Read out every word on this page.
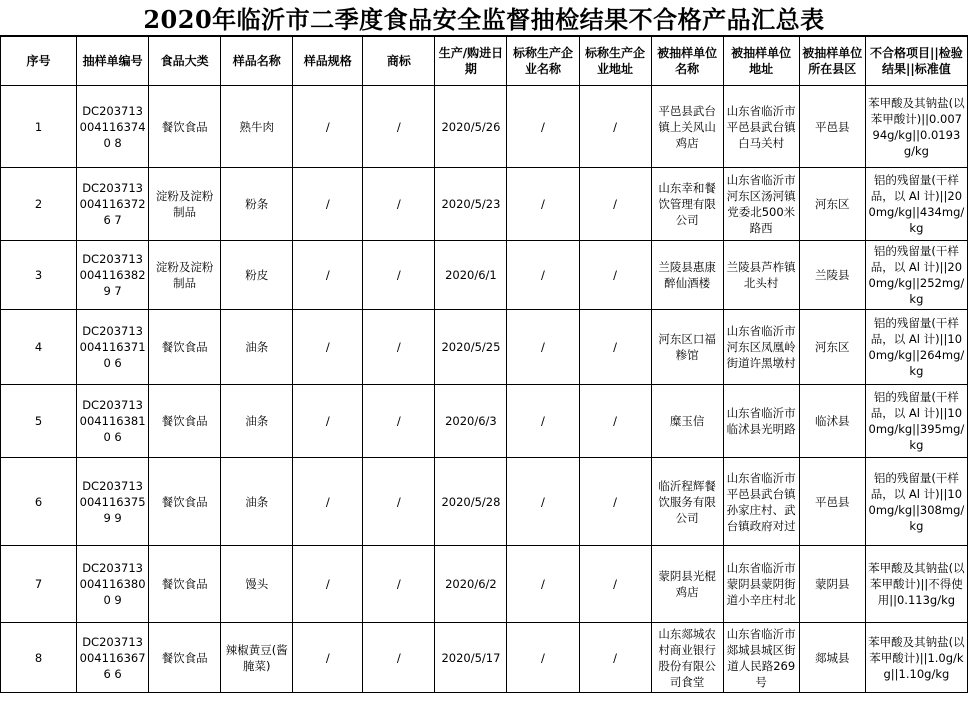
2020年临沂市二季度食品安全监督抽检结果不合格产品汇总表
序号	抽样单编号	食品大类	样品名称	样品规格	商标	生产/购进日期	标称生产企业名称	标称生产企业地址	被抽样单位名称	被抽样单位地址	被抽样单位所在县区	不合格项目||检验结果||标准值
1	DC2037130041163740 8	餐饮食品	熟牛肉	/	/	2020/5/26	/	/	平邑县武台镇上关风山鸡店	山东省临沂市平邑县武台镇白马关村	平邑县	苯甲酸及其钠盐(以苯甲酸计)||0.00794g/kg||0.0193g/kg
2	DC2037130041163726 7	淀粉及淀粉制品	粉条	/	/	2020/5/23	/	/	山东幸和餐饮管理有限公司	山东省临沂市河东区汤河镇党委北500米路西	河东区	铝的残留量(干样品，以 Al 计)||200mg/kg||434mg/kg
3	DC2037130041163829 7	淀粉及淀粉制品	粉皮	/	/	2020/6/1	/	/	兰陵县惠康醉仙酒楼	兰陵县芦柞镇北头村	兰陵县	铝的残留量(干样品，以 Al 计)||200mg/kg||252mg/kg
4	DC2037130041163710 6	餐饮食品	油条	/	/	2020/5/25	/	/	河东区口福糁馆	山东省临沂市河东区凤凰岭街道许黑墩村	河东区	铝的残留量(干样品，以 Al 计)||100mg/kg||264mg/kg
5	DC2037130041163810 6	餐饮食品	油条	/	/	2020/6/3	/	/	糜玉信	山东省临沂市临沭县光明路	临沭县	铝的残留量(干样品，以 Al 计)||100mg/kg||395mg/kg
6	DC2037130041163759 9	餐饮食品	油条	/	/	2020/5/28	/	/	临沂程辉餐饮服务有限公司	山东省临沂市平邑县武台镇孙家庄村、武台镇政府对过	平邑县	铝的残留量(干样品，以 Al 计)||100mg/kg||308mg/kg
7	DC2037130041163800 9	餐饮食品	馒头	/	/	2020/6/2	/	/	蒙阴县光棍鸡店	山东省临沂市蒙阴县蒙阴街道小辛庄村北	蒙阴县	苯甲酸及其钠盐(以苯甲酸计)||不得使用||0.113g/kg
8	DC2037130041163676 6	餐饮食品	辣椒黄豆(酱腌菜)	/	/	2020/5/17	/	/	山东郯城农村商业银行股份有限公司食堂	山东省临沂市郯城县城区街道人民路269号	郯城县	苯甲酸及其钠盐(以苯甲酸计)||1.0g/kg||1.10g/kg
